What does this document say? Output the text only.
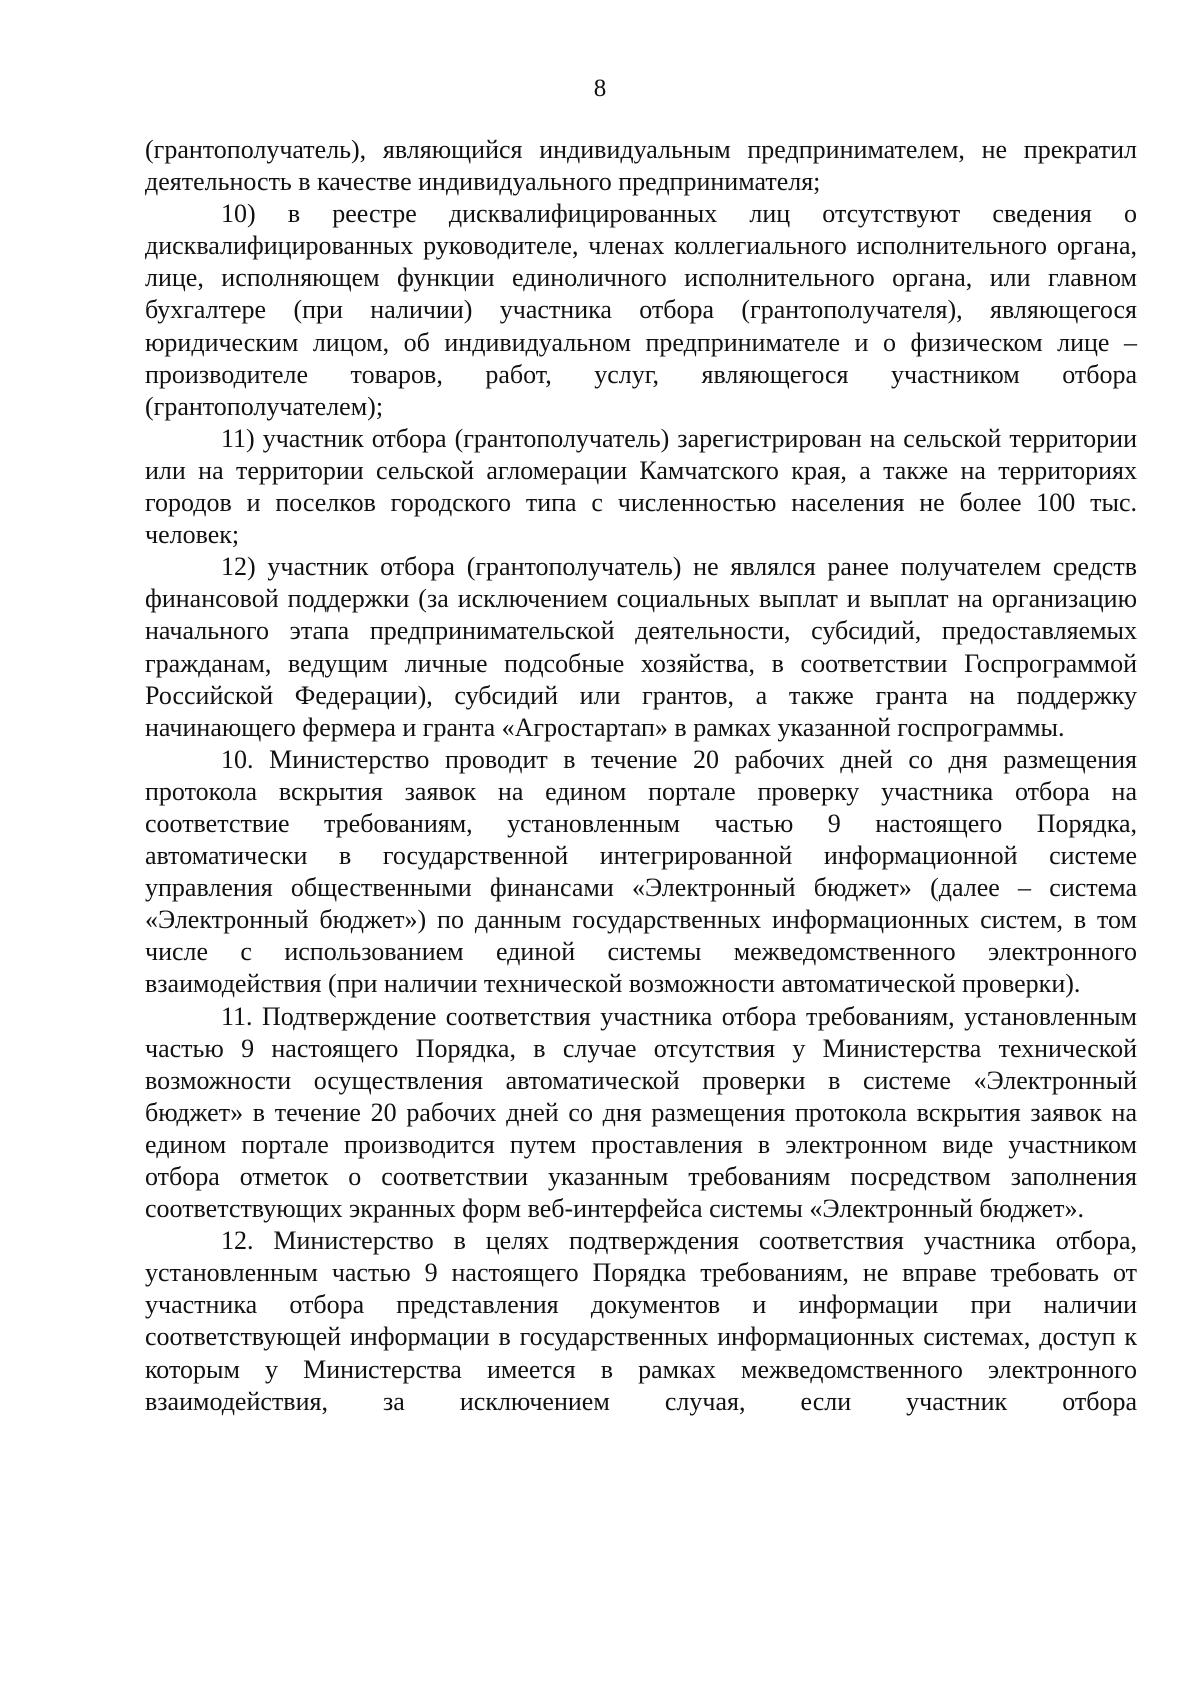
8

(грантополучатель), являющийся индивидуальным предпринимателем, не прекратил деятельность в качестве индивидуального предпринимателя;

10) в реестре дисквалифицированных лиц отсутствуют сведения о дисквалифицированных руководителе, членах коллегиального исполнительного органа, лице, исполняющем функции единоличного исполнительного органа, или главном бухгалтере (при наличии) участника отбора (грантополучателя), являющегося юридическим лицом, об индивидуальном предпринимателе и о физическом лице – производителе товаров, работ, услуг, являющегося участником отбора (грантополучателем);

11) участник отбора (грантополучатель) зарегистрирован на сельской территории или на территории сельской агломерации Камчатского края, а также на территориях городов и поселков городского типа с численностью населения не более 100 тыс. человек;

12) участник отбора (грантополучатель) не являлся ранее получателем средств финансовой поддержки (за исключением социальных выплат и выплат на организацию начального этапа предпринимательской деятельности, субсидий, предоставляемых гражданам, ведущим личные подсобные хозяйства, в соответствии Госпрограммой Российской Федерации), субсидий или грантов, а также гранта на поддержку начинающего фермера и гранта «Агростартап» в рамках указанной госпрограммы.

10. Министерство проводит в течение 20 рабочих дней со дня размещения протокола вскрытия заявок на едином портале проверку участника отбора на соответствие требованиям, установленным частью 9 настоящего Порядка, автоматически в государственной интегрированной информационной системе управления общественными финансами «Электронный бюджет» (далее – система «Электронный бюджет») по данным государственных информационных систем, в том числе с использованием единой системы межведомственного электронного взаимодействия (при наличии технической возможности автоматической проверки).

11. Подтверждение соответствия участника отбора требованиям, установленным частью 9 настоящего Порядка, в случае отсутствия у Министерства технической возможности осуществления автоматической проверки в системе «Электронный бюджет» в течение 20 рабочих дней со дня размещения протокола вскрытия заявок на едином портале производится путем проставления в электронном виде участником отбора отметок о соответствии указанным требованиям посредством заполнения соответствующих экранных форм веб-интерфейса системы «Электронный бюджет».

12. Министерство в целях подтверждения соответствия участника отбора, установленным частью 9 настоящего Порядка требованиям, не вправе требовать от участника отбора представления документов и информации при наличии соответствующей информации в государственных информационных системах, доступ к которым у Министерства имеется в рамках межведомственного электронного взаимодействия, за исключением случая, если участник отбора
